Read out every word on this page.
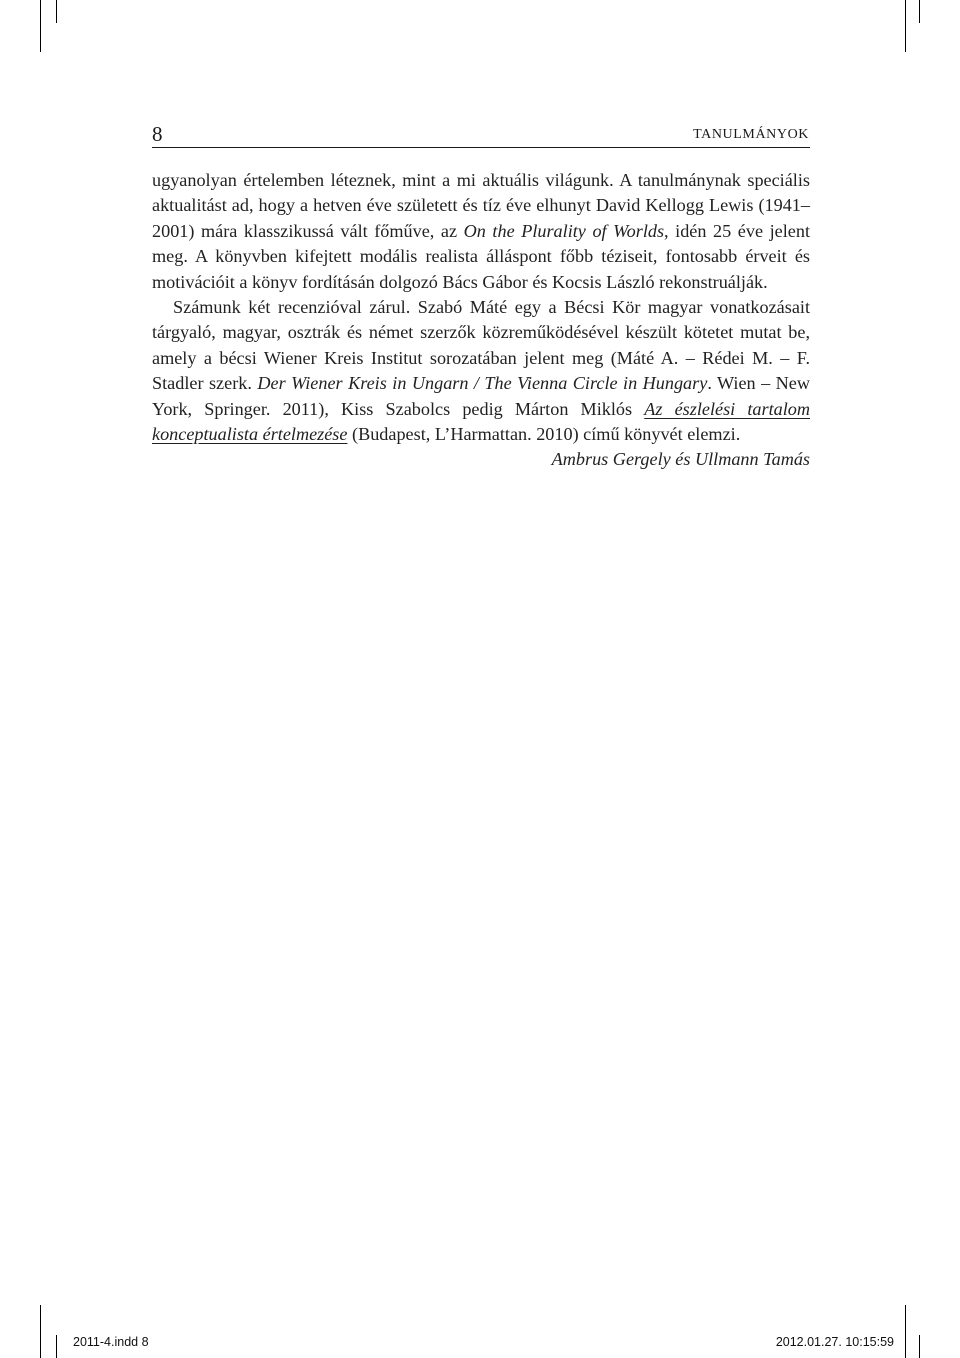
8	TANULMÁNYOK

ugyanolyan értelemben léteznek, mint a mi aktuális világunk. A tanulmánynak speciális aktualitást ad, hogy a hetven éve született és tíz éve elhunyt David Kellogg Lewis (1941–2001) mára klasszikussá vált főműve, az On the Plurality of Worlds, idén 25 éve jelent meg. A könyvben kifejtett modális realista álláspont főbb téziseit, fontosabb érveit és motivációit a könyv fordításán dolgozó Bács Gábor és Kocsis László rekonstruálják.

Számunk két recenzióval zárul. Szabó Máté egy a Bécsi Kör magyar vonatkozásait tárgyaló, magyar, osztrák és német szerzők közreműködésével készült kötetet mutat be, amely a bécsi Wiener Kreis Institut sorozatában jelent meg (Máté A. – Rédei M. – F. Stadler szerk. Der Wiener Kreis in Ungarn / The Vienna Circle in Hungary. Wien – New York, Springer. 2011), Kiss Szabolcs pedig Márton Miklós Az észlelési tartalom konceptualista értelmezése (Budapest, L’Harmattan. 2010) című könyvét elemzi.

Ambrus Gergely és Ullmann Tamás

2011-4.indd 8	2012.01.27. 10:15:59
